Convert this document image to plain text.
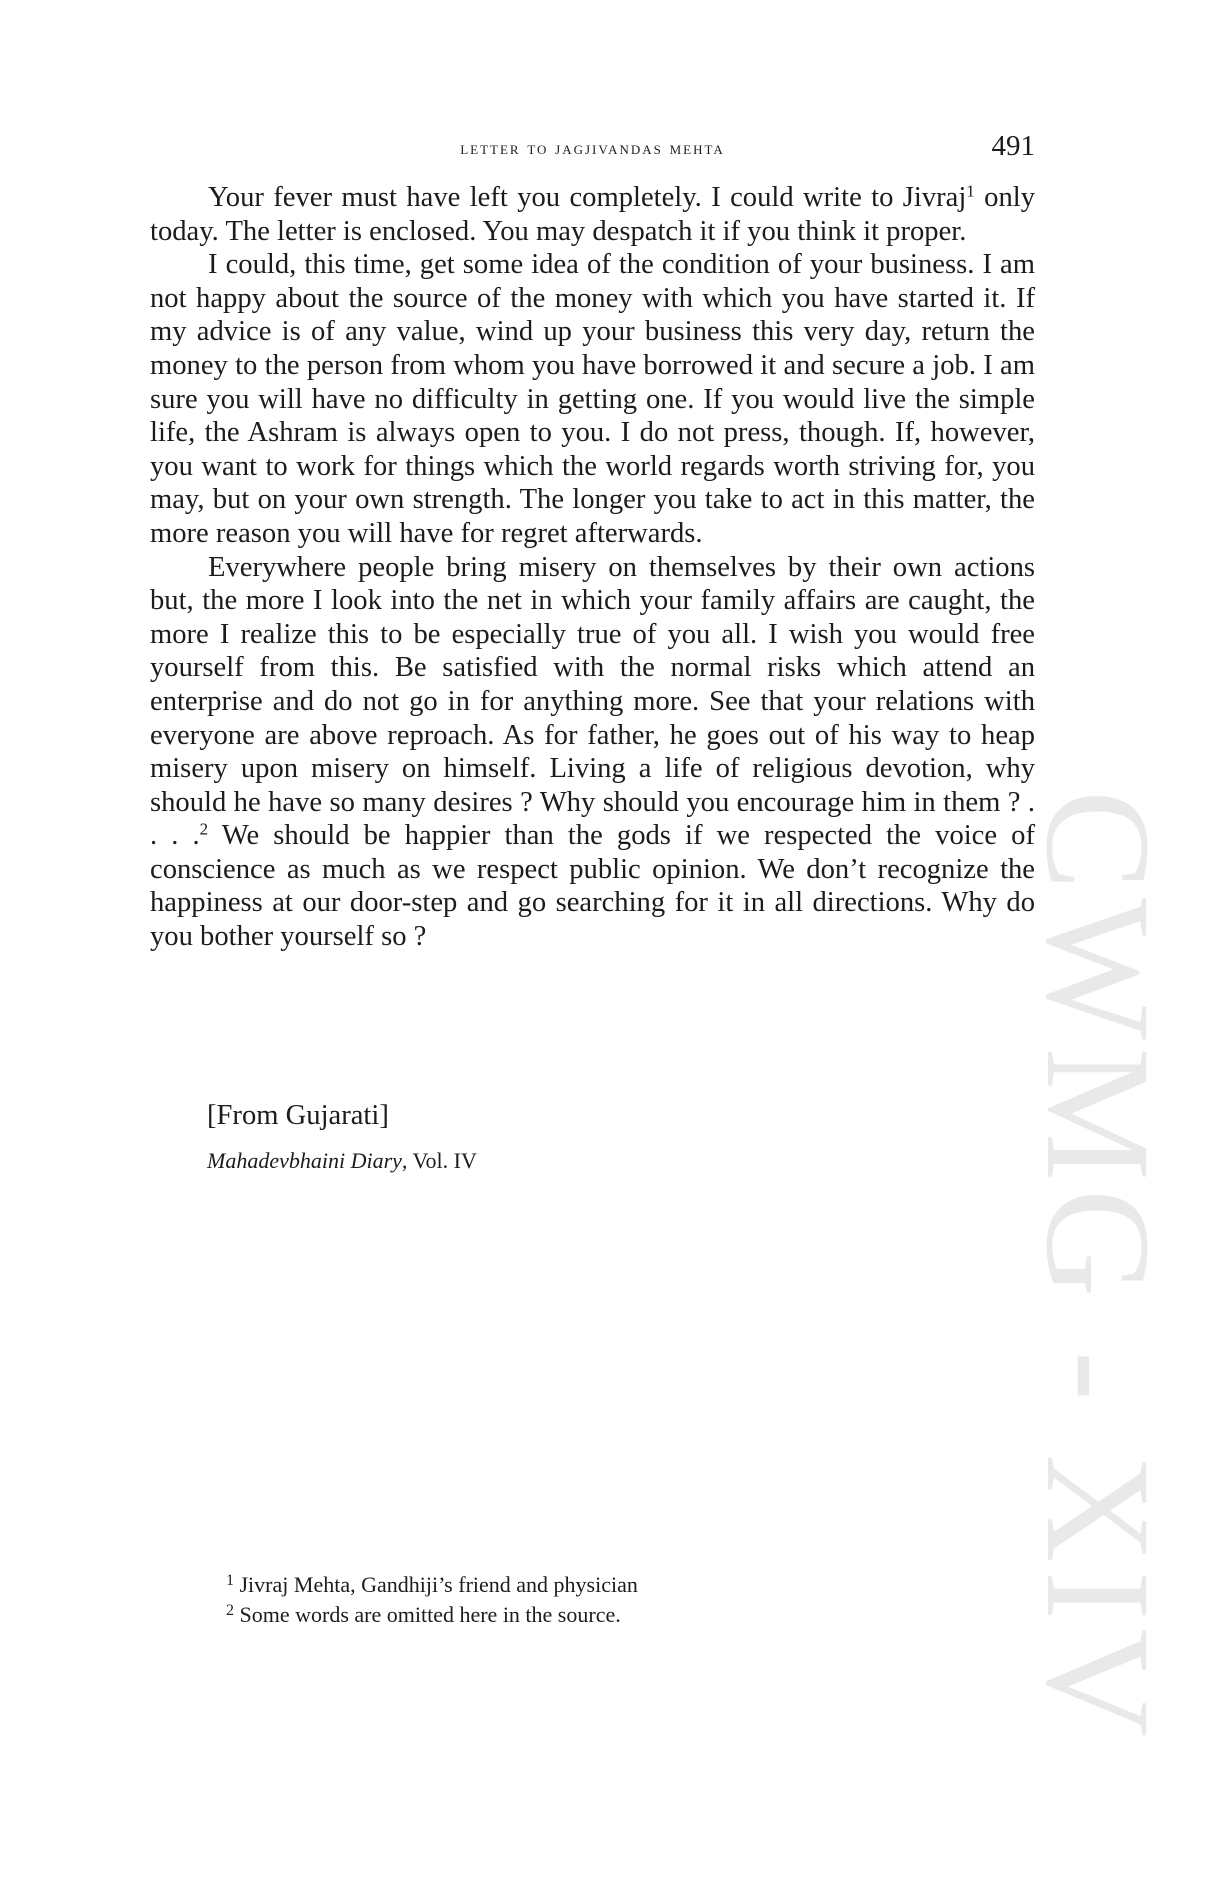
CWMG - XIV
letter to jagjivandas mehta	491

Your fever must have left you completely. I could write to Jivraj$^1$ only today. The letter is enclosed. You may despatch it if you think it proper.

I could, this time, get some idea of the condition of your business. I am not happy about the source of the money with which you have started it. If my advice is of any value, wind up your business this very day, return the money to the person from whom you have borrowed it and secure a job. I am sure you will have no difficulty in getting one. If you would live the simple life, the Ashram is always open to you. I do not press, though. If, however, you want to work for things which the world regards worth striving for, you may, but on your own strength. The longer you take to act in this matter, the more reason you will have for regret afterwards.

Everywhere people bring misery on themselves by their own actions but, the more I look into the net in which your family affairs are caught, the more I realize this to be especially true of you all. I wish you would free yourself from this. Be satisfied with the normal risks which attend an enterprise and do not go in for anything more. See that your relations with everyone are above reproach. As for father, he goes out of his way to heap misery upon misery on himself. Living a life of religious devotion, why should he have so many desires ? Why should you encourage him in them ? . . . .$^2$ We should be happier than the gods if we respected the voice of conscience as much as we respect public opinion. We don’t recognize the happiness at our door-step and go searching for it in all directions. Why do you bother yourself so ?

[From Gujarati]
Mahadevbhaini Diary, Vol. IV
$^1$ Jivraj Mehta, Gandhiji’s friend and physician
$^2$ Some words are omitted here in the source.
